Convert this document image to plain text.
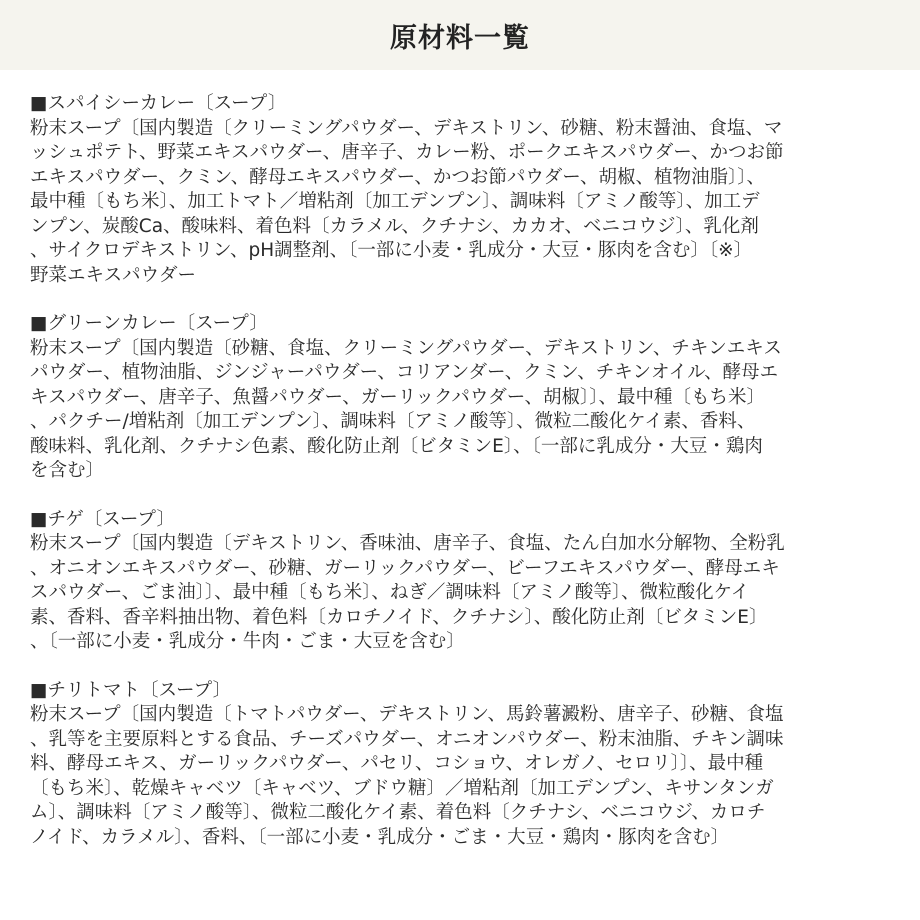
原材料一覧
■スパイシーカレー〔スープ〕
粉末スープ〔国内製造〔クリーミングパウダー、デキストリン、砂糖、粉末醤油、食塩、マ
ッシュポテト、野菜エキスパウダー、唐辛子、カレー粉、ポークエキスパウダー、かつお節
エキスパウダー、クミン、酵母エキスパウダー、かつお節パウダー、胡椒、植物油脂〕〕、
最中種〔もち米〕、加工トマト／増粘剤〔加工デンプン〕、調味料〔アミノ酸等〕、加工デ
ンプン、炭酸Ca、酸味料、着色料〔カラメル、クチナシ、カカオ、ベニコウジ〕、乳化剤
、サイクロデキストリン、pH調整剤、〔一部に小麦・乳成分・大豆・豚肉を含む〕〔※〕
野菜エキスパウダー
■グリーンカレー〔スープ〕
粉末スープ〔国内製造〔砂糖、食塩、クリーミングパウダー、デキストリン、チキンエキス
パウダー、植物油脂、ジンジャーパウダー、コリアンダー、クミン、チキンオイル、酵母エ
キスパウダー、唐辛子、魚醤パウダー、ガーリックパウダー、胡椒〕〕、最中種〔もち米〕
、パクチー/増粘剤〔加工デンプン〕、調味料〔アミノ酸等〕、微粒二酸化ケイ素、香料、
酸味料、乳化剤、クチナシ色素、酸化防止剤〔ビタミンE〕、〔一部に乳成分・大豆・鶏肉
を含む〕
■チゲ〔スープ〕
粉末スープ〔国内製造〔デキストリン、香味油、唐辛子、食塩、たん白加水分解物、全粉乳
、オニオンエキスパウダー、砂糖、ガーリックパウダー、ビーフエキスパウダー、酵母エキ
スパウダー、ごま油〕〕、最中種〔もち米〕、ねぎ／調味料〔アミノ酸等〕、微粒酸化ケイ
素、香料、香辛料抽出物、着色料〔カロチノイド、クチナシ〕、酸化防止剤〔ビタミンE〕
、〔一部に小麦・乳成分・牛肉・ごま・大豆を含む〕
■チリトマト〔スープ〕
粉末スープ〔国内製造〔トマトパウダー、デキストリン、馬鈴薯澱粉、唐辛子、砂糖、食塩
、乳等を主要原料とする食品、チーズパウダー、オニオンパウダー、粉末油脂、チキン調味
料、酵母エキス、ガーリックパウダー、パセリ、コショウ、オレガノ、セロリ〕〕、最中種
〔もち米〕、乾燥キャベツ〔キャベツ、ブドウ糖〕／増粘剤〔加工デンプン、キサンタンガ
ム〕、調味料〔アミノ酸等〕、微粒二酸化ケイ素、着色料〔クチナシ、ベニコウジ、カロチ
ノイド、カラメル〕、香料、〔一部に小麦・乳成分・ごま・大豆・鶏肉・豚肉を含む〕
